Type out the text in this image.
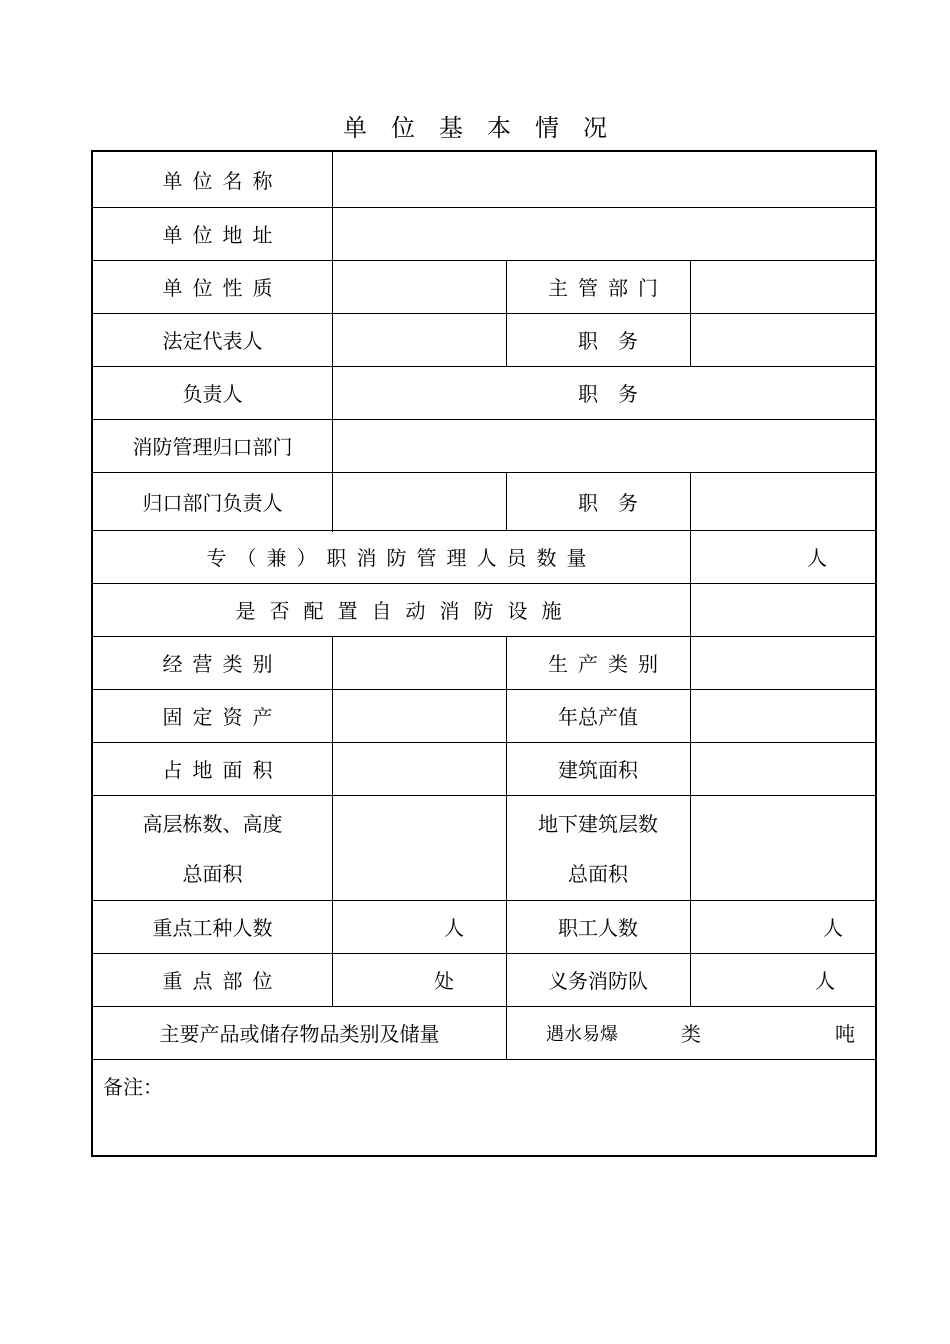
单位基本情况
单位名称
单位地址
单位性质	主管部门
法定代表人	职务
负责人	职务
消防管理归口部门
归口部门负责人	职务
专（兼）职消防管理人员数量	人
是否配置自动消防设施
经营类别	生产类别
固定资产	年总产值
占地面积	建筑面积
高层栋数、高度
总面积
地下建筑层数
总面积
重点工种人数	人	职工人数	人
重点部位	处	义务消防队	人
主要产品或储存物品类别及储量	遇水易爆	类	吨
备注：
